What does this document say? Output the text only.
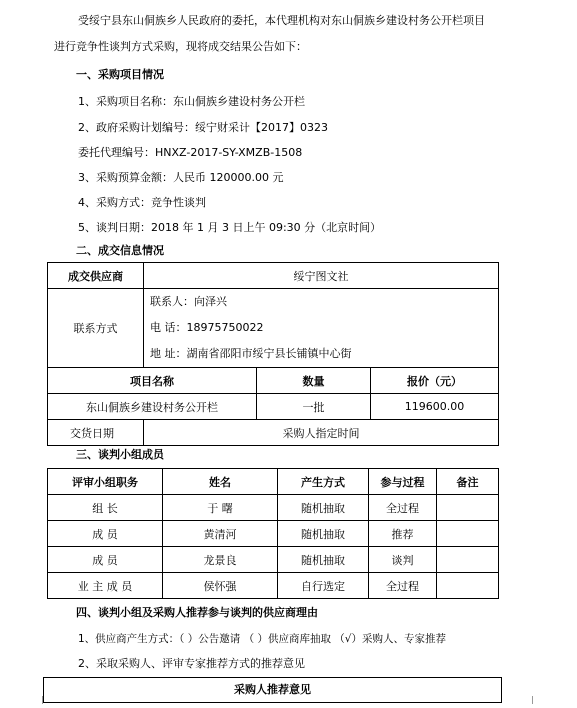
受绥宁县东山侗族乡人民政府的委托，本代理机构对东山侗族乡建设村务公开栏项目
进行竞争性谈判方式采购，现将成交结果公告如下：
一、采购项目情况
1、采购项目名称：东山侗族乡建设村务公开栏
2、政府采购计划编号：绥宁财采计【2017】0323
委托代理编号：HNXZ-2017-SY-XMZB-1508
3、采购预算金额：人民币 120000.00 元
4、采购方式：竞争性谈判
5、谈判日期：2018 年 1 月 3 日上午 09:30 分（北京时间）
二、成交信息情况
成交供应商	绥宁图文社		
联系方式	联系人：向泽兴
电 话：18975750022
地 址：湖南省邵阳市绥宁县长铺镇中心街		

项目名称		数量	报价（元）
东山侗族乡建设村务公开栏		一批	119600.00
交货日期	采购人指定时间		
三、谈判小组成员
评审小组职务	姓名	产生方式	参与过程	备注
组 长	于 曙	随机抽取	全过程	
成 员	黄清河	随机抽取	推荐	
成 员	龙景良	随机抽取	谈判	
业 主 成 员	侯怀强	自行选定	全过程	
四、谈判小组及采购人推荐参与谈判的供应商理由
1、供应商产生方式：（ ）公告邀请 （ ）供应商库抽取 （√）采购人、专家推荐
2、采取采购人、评审专家推荐方式的推荐意见
采购人推荐意见
